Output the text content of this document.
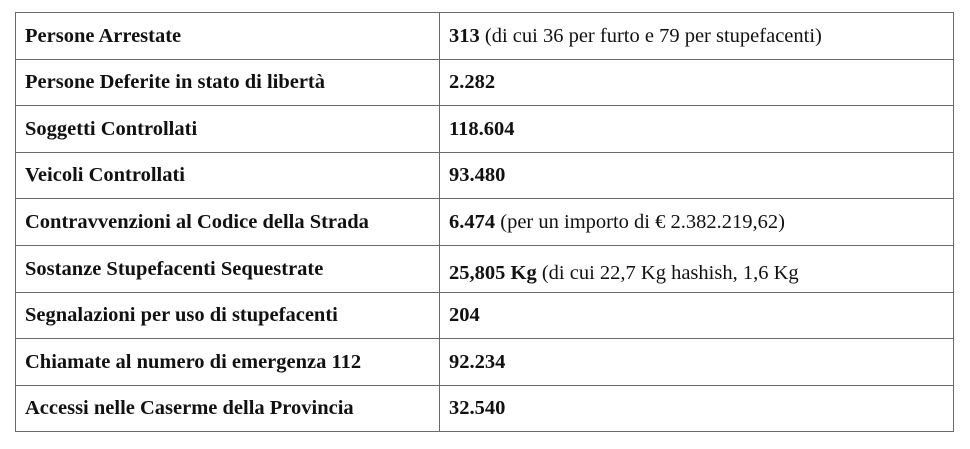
Persone Arrestate	313 (di cui 36 per furto e 79 per stupefacenti)

Persone Deferite in stato di libertà	2.282

Soggetti Controllati	118.604

Veicoli Controllati	93.480

Contravvenzioni al Codice della Strada	6.474 (per un importo di € 2.382.219,62)

Sostanze Stupefacenti Sequestrate	25,805 Kg (di cui 22,7 Kg hashish, 1,6 Kg

Segnalazioni per uso di stupefacenti	204

Chiamate al numero di emergenza 112	92.234

Accessi nelle Caserme della Provincia	32.540
